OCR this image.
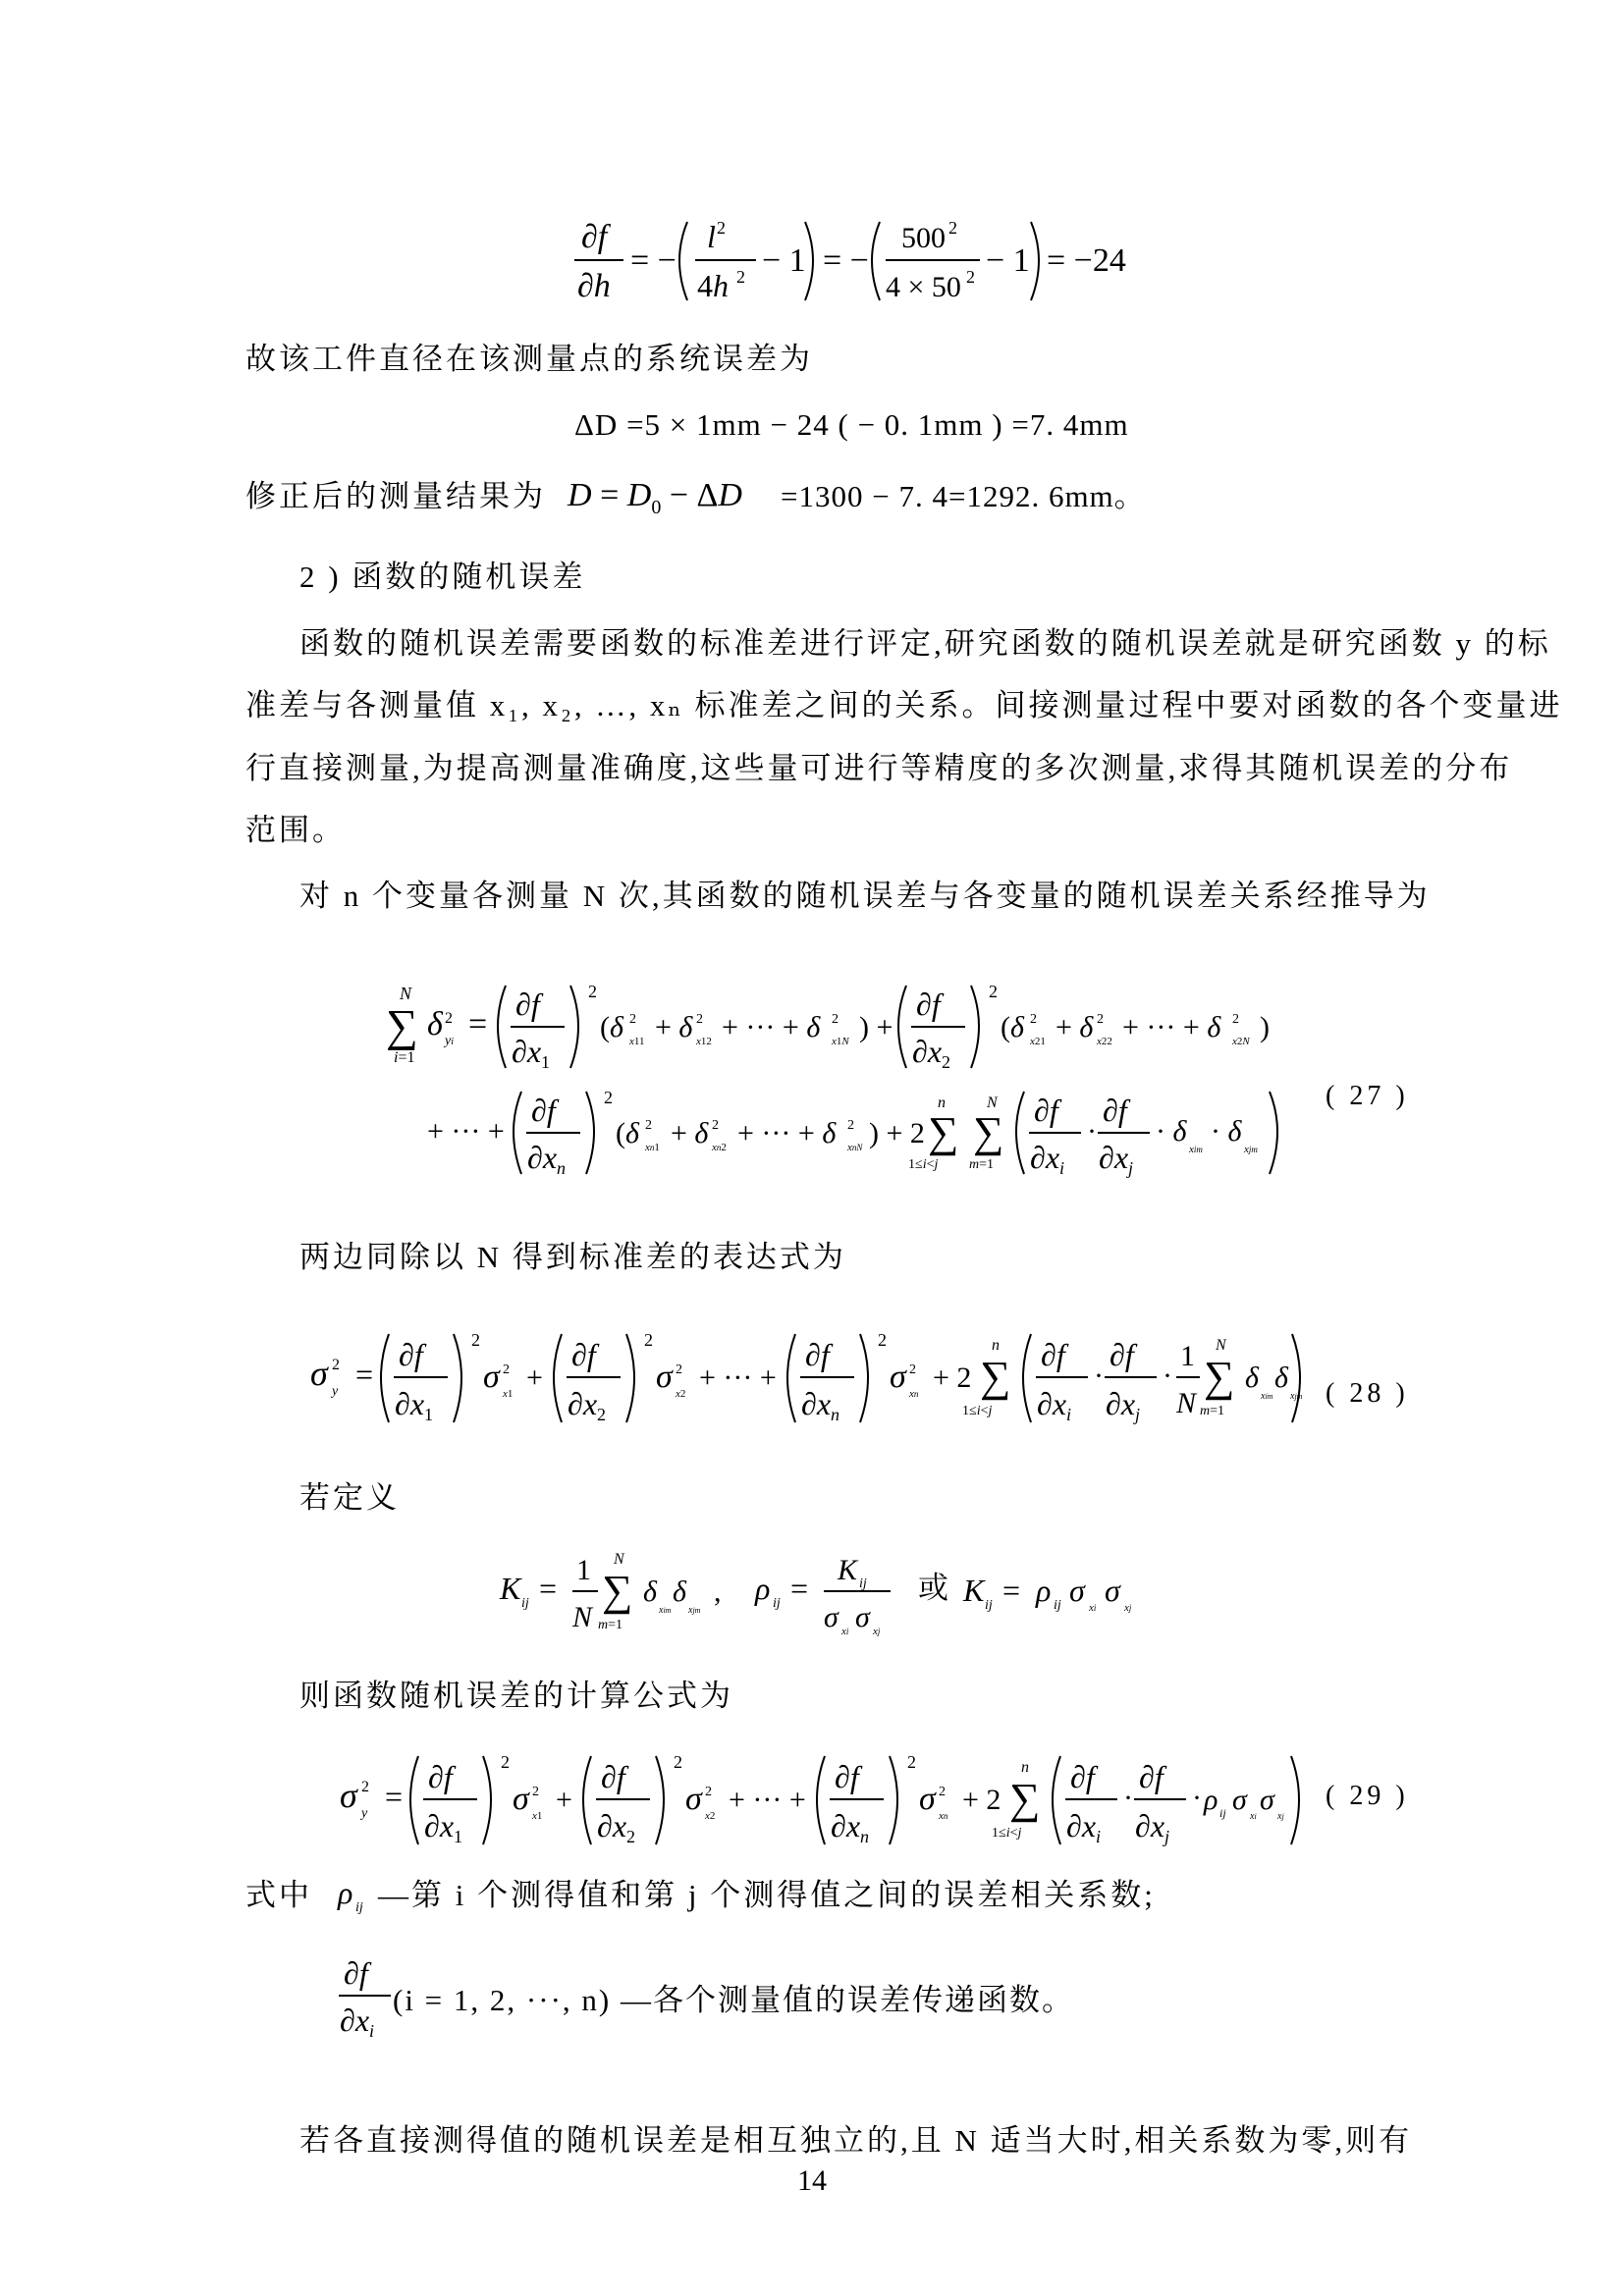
∂f
∂h
= −
l 2
4h 2 − 1 = −
500 2
4 × 50 2 − 1 = −24
故该工件直径在该测量点的系统误差为
ΔD =5 × 1mm − 24 ( − 0. 1mm ) =7. 4mm
修正后的测量结果为 $D = D_0 - \Delta D =1300 - 7$. 4=1292. 6mm。
2 ) 函数的随机误差
函数的随机误差需要函数的标准差进行评定,研究函数的随机误差就是研究函数 y 的标
准差与各测量值 x₁, x₂, …, xₙ 标准差之间的关系。间接测量过程中要对函数的各个变量进
行直接测量,为提高测量准确度,这些量可进行等精度的多次测量,求得其随机误差的分布
范围。
对 n 个变量各测量 N 次,其函数的随机误差与各变量的随机误差关系经推导为
N
∑
i=1
δ 2
yi =
∂f
∂x1
2
(δ 2
x11 + δ 2
x12 + ··· + δ 2
x1N ) +
∂f
∂x2
2
(δ 2
x21 + δ 2
x22 + ··· + δ 2
x2N )
+ ··· +
∂f
∂xn
2
(δ 2
xn1 + δ 2
xn2 + ··· + δ 2
xnN ) + 2
n
∑
1≤i<j
N
∑
m=1
∂f
∂xi
·
∂f
∂xj
· δ
xim
· δ
xjm
( 27 )
两边同除以 N 得到标准差的表达式为
σ 2
y =
∂f
∂x1
2
σ 2
x1 +
∂f
∂x2
2
σ 2
x2 + ··· +
∂f
∂xn
2
σ 2
xn + 2
n
∑
1≤i<j
∂f
∂xi
·
∂f
∂xj
·
1
N
N
∑
m=1
δ
xim
δ
xjm ( 28 )
若定义
K ij =
1
N
N
∑
m=1
δ
xim
δ
xjm
, ρ ij =
K ij
σ xi σ xj
K ij = ρ ij σ xi σ xj
或
则函数随机误差的计算公式为
σ 2
y =
∂f
∂x1
2
σ 2
x1 +
∂f
∂x2
2
σ 2
x2 + ··· +
∂f
∂xn
2
σ 2
xn + 2
n
∑
1≤i<j
∂f
∂xi
·
∂f
∂xj
· ρ ij σ
xi
σ
xj
( 29 )
式中 ρ ij —第 i 个测得值和第 j 个测得值之间的误差相关系数;
∂f
∂xi
(i = 1, 2, ···, n) —各个测量值的误差传递函数。
若各直接测得值的随机误差是相互独立的,且 N 适当大时,相关系数为零,则有
14
